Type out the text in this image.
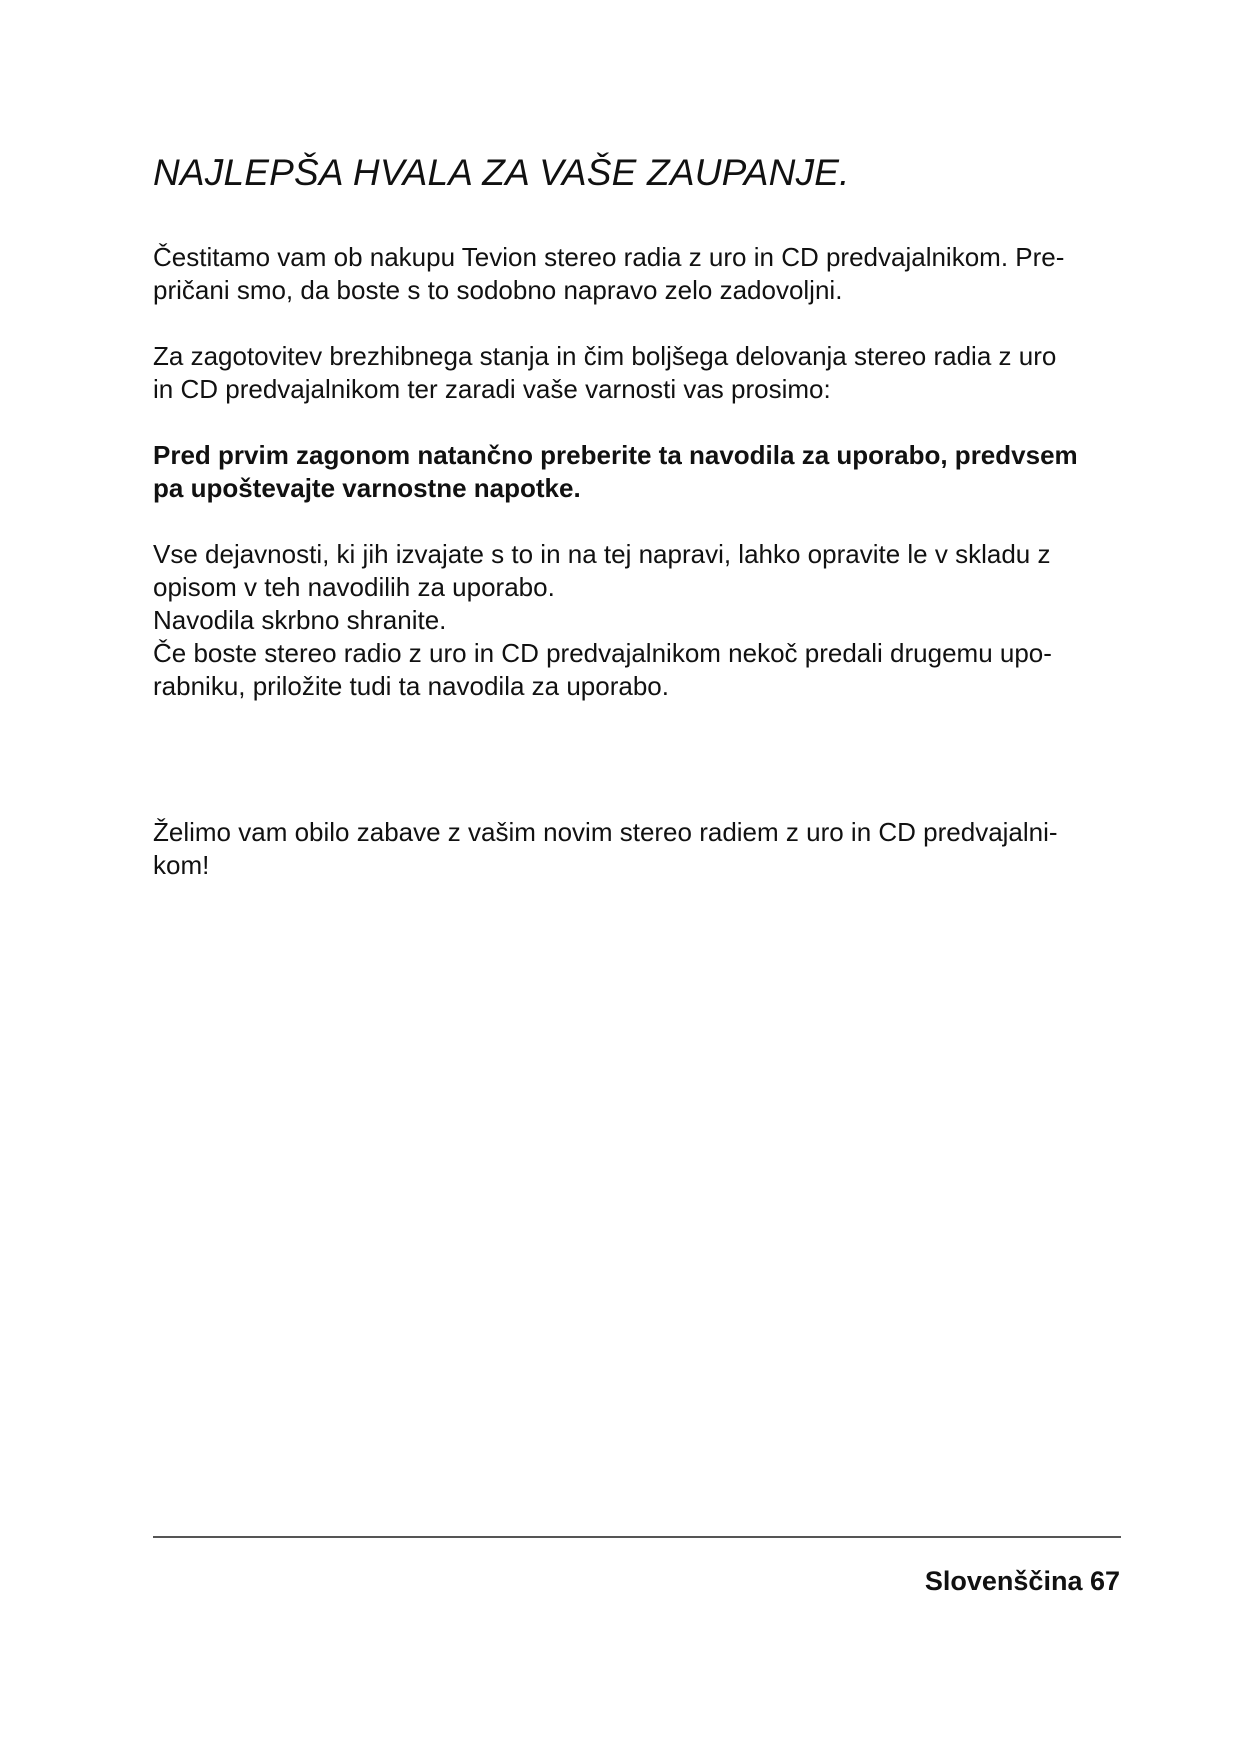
NAJLEPŠA HVALA ZA VAŠE ZAUPANJE.
Čestitamo vam ob nakupu Tevion stereo radia z uro in CD predvajalnikom. Pre-
pričani smo, da boste s to sodobno napravo zelo zadovoljni.
Za zagotovitev brezhibnega stanja in čim boljšega delovanja stereo radia z uro
in CD predvajalnikom ter zaradi vaše varnosti vas prosimo:
Pred prvim zagonom natančno preberite ta navodila za uporabo, predvsem
pa upoštevajte varnostne napotke.
Vse dejavnosti, ki jih izvajate s to in na tej napravi, lahko opravite le v skladu z
opisom v teh navodilih za uporabo.
Navodila skrbno shranite.
Če boste stereo radio z uro in CD predvajalnikom nekoč predali drugemu upo-
rabniku, priložite tudi ta navodila za uporabo.
Želimo vam obilo zabave z vašim novim stereo radiem z uro in CD predvajalni-
kom!
Slovenščina 67
